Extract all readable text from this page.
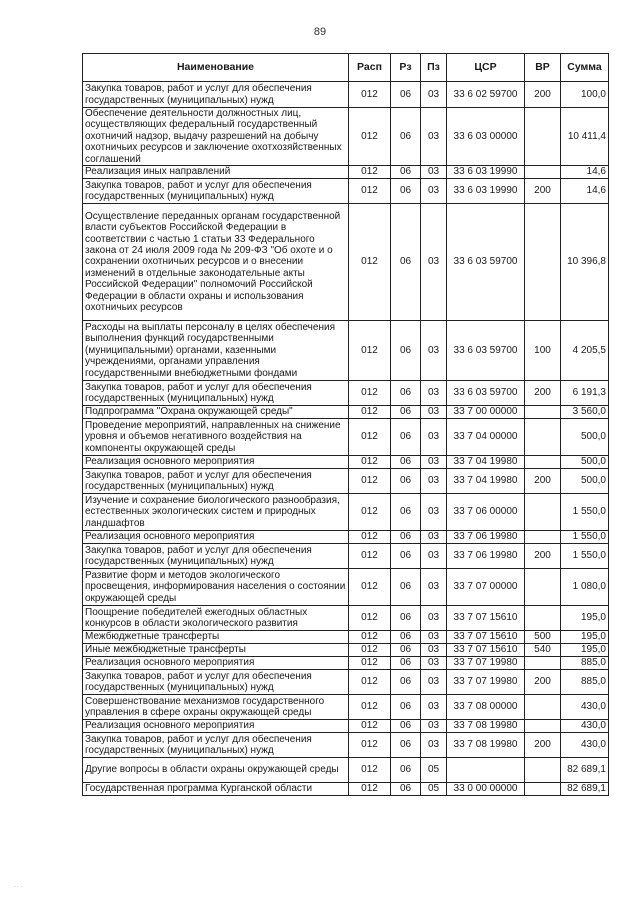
89
Наименование	Расп	Рз	Пз	ЦСР	ВР	Сумма
Закупка товаров, работ и услуг для обеспечения государственных (муниципальных) нужд	012	06	03	33 6 02 59700	200	100,0
Обеспечение деятельности должностных лиц, осуществляющих федеральный государственный охотничий надзор, выдачу разрешений на добычу охотничьих ресурсов и заключение охотхозяйственных соглашений	012	06	03	33 6 03 00000		10 411,4
Реализация иных направлений	012	06	03	33 6 03 19990		14,6
Закупка товаров, работ и услуг для обеспечения государственных (муниципальных) нужд	012	06	03	33 6 03 19990	200	14,6
Осуществление переданных органам государственной власти субъектов Российской Федерации в соответствии с частью 1 статьи 33 Федерального закона от 24 июля 2009 года № 209-ФЗ "Об охоте и о сохранении охотничьих ресурсов и о внесении изменений в отдельные законодательные акты Российской Федерации" полномочий Российской Федерации в области охраны и использования охотничьих ресурсов	012	06	03	33 6 03 59700		10 396,8
Расходы на выплаты персоналу в целях обеспечения выполнения функций государственными (муниципальными) органами, казенными учреждениями, органами управления государственными внебюджетными фондами	012	06	03	33 6 03 59700	100	4 205,5
Закупка товаров, работ и услуг для обеспечения государственных (муниципальных) нужд	012	06	03	33 6 03 59700	200	6 191,3
Подпрограмма "Охрана окружающей среды"	012	06	03	33 7 00 00000		3 560,0
Проведение мероприятий, направленных на снижение уровня и объемов негативного воздействия на компоненты окружающей среды	012	06	03	33 7 04 00000		500,0
Реализация основного мероприятия	012	06	03	33 7 04 19980		500,0
Закупка товаров, работ и услуг для обеспечения государственных (муниципальных) нужд	012	06	03	33 7 04 19980	200	500,0
Изучение и сохранение биологического разнообразия, естественных экологических систем и природных ландшафтов	012	06	03	33 7 06 00000		1 550,0
Реализация основного мероприятия	012	06	03	33 7 06 19980		1 550,0
Закупка товаров, работ и услуг для обеспечения государственных (муниципальных) нужд	012	06	03	33 7 06 19980	200	1 550,0
Развитие форм и методов экологического просвещения, информирования населения о состоянии окружающей среды	012	06	03	33 7 07 00000		1 080,0
Поощрение победителей ежегодных областных конкурсов в области экологического развития	012	06	03	33 7 07 15610		195,0
Межбюджетные трансферты	012	06	03	33 7 07 15610	500	195,0
Иные межбюджетные трансферты	012	06	03	33 7 07 15610	540	195,0
Реализация основного мероприятия	012	06	03	33 7 07 19980		885,0
Закупка товаров, работ и услуг для обеспечения государственных (муниципальных) нужд	012	06	03	33 7 07 19980	200	885,0
Совершенствование механизмов государственного управления в сфере охраны окружающей среды	012	06	03	33 7 08 00000		430,0
Реализация основного мероприятия	012	06	03	33 7 08 19980		430,0
Закупка товаров, работ и услуг для обеспечения государственных (муниципальных) нужд	012	06	03	33 7 08 19980	200	430,0
Другие вопросы в области охраны окружающей среды	012	06	05			82 689,1
Государственная программа Курганской области	012	06	05	33 0 00 00000		82 689,1
.. .
